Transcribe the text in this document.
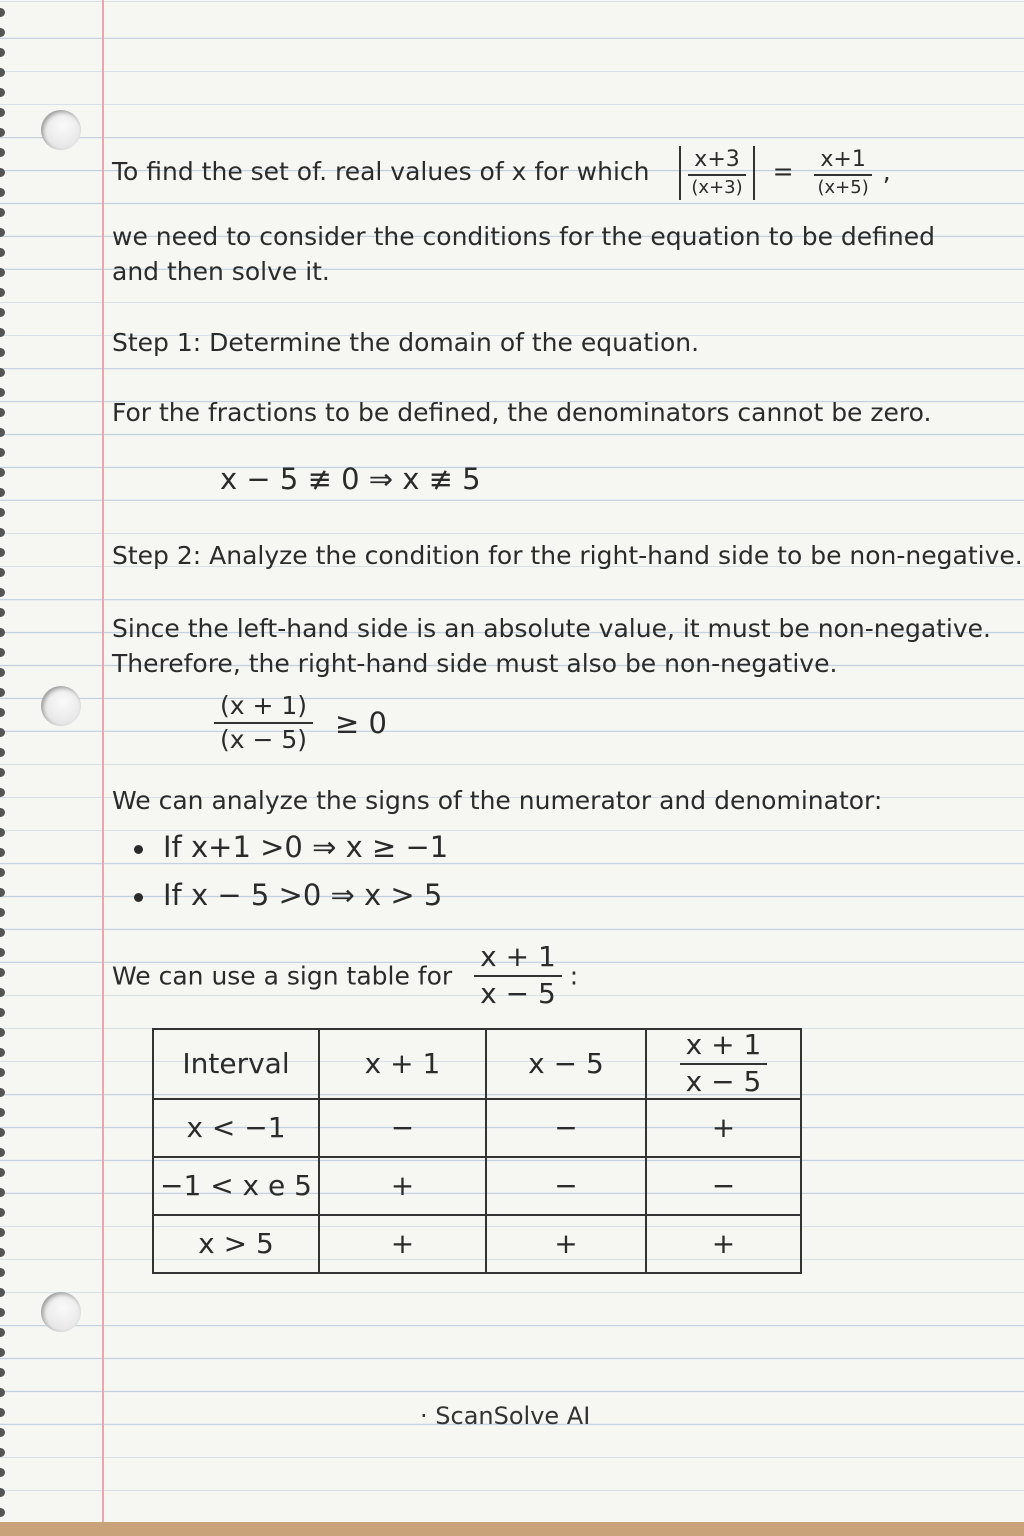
To find the set of. real values of x for which $\frac{x+3}{(x+3)} = \frac{x+1}{(x+5)}$ ,
we need to consider the conditions for the equation to be defined
and then solve it.
Step 1: Determine the domain of the equation.
For the fractions to be defined, the denominators cannot be zero.
x − 5 ≢ 0 ⇒ x ≢ 5
Step 2: Analyze the condition for the right-hand side to be non-negative.
Since the left-hand side is an absolute value, it must be non-negative.
Therefore, the right-hand side must also be non-negative.
$\frac{(x + 1)}{(x - 5)} \ge 0$
We can analyze the signs of the numerator and denominator:
If x+1 >0 ⇒ x ≥ −1
If x − 5 >0 ⇒ x > 5
We can use a sign table for $\frac{x + 1}{x - 5}$ :
Interval	x + 1	x − 5	$\frac{x + 1}{x - 5}$

x < −1	−	−	+
−1 < x e 5	+	−	−
x > 5	+	+	+
· ScanSolve AI
